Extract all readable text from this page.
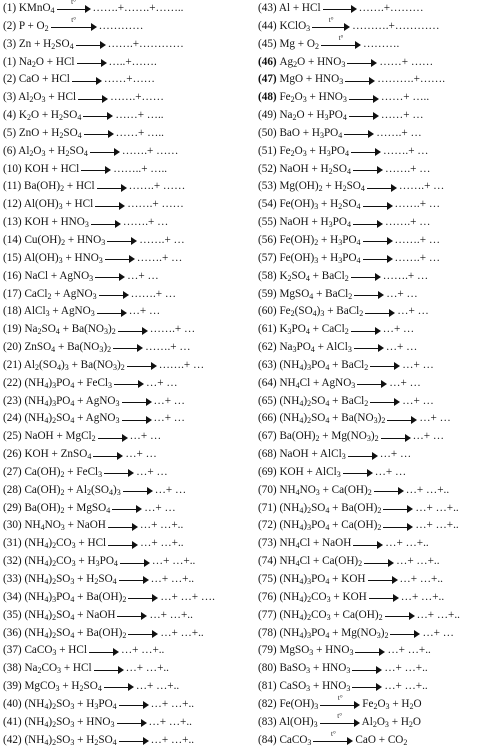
(1) KMnO$_4$
t°	…….+…….+……..
(2) $P + O_2$
t°	…………
(3) $Zn + H_2SO_4$	…….+…………
(1) $Na_2O$ + HCl	…..+…….
(2) CaO + HCl	……+……
(3) $Al_2O_3$ + HCl	…….+……
(4) $K_2O + H_2SO_4$	……+ …..
(5) ZnO + $H_2SO_4$	……+ …..
(6) $Al_2O_3 + H_2SO_4$	…….+ ……
(10) KOH + HCl	……..+ …..
(11) $Ba(OH)_2$ + HCl	…….+ ……
(12) $Al(OH)_3$ + HCl	…….+ ……
(13) KOH + $HNO_3$	…….+ …
(14) $Cu(OH)_2 + HNO_3$	…….+ …
(15) $Al(OH)_3 + HNO_3$	…….+ …
(16) NaCl + AgNO$_3$	…+ …
(17) CaCl$_2$ + AgNO$_3$	…….+ …
(18) AlCl$_3$ + AgNO$_3$	…+ …
(19) $Na_2SO_4 + Ba(NO_3)_2$	…….+ …
(20) ZnSO$_4$ + $Ba(NO_3)_2$	…….+ …
(21) $Al_2(SO_4)_3 + Ba(NO_3)_2$	…….+ …
(22) $(NH_4)_3PO_4$ + FeCl$_3$	…+ …
(23) $(NH_4)_3PO_4$ + AgNO$_3$	…+ …
(24) $(NH_4)_2SO_4$ + AgNO$_3$	…+ …
(25) NaOH + MgCl$_2$	…+ …
(26) KOH + ZnSO$_4$	…+ …
(27) $Ca(OH)_2$ + FeCl$_3$	…+ …
(28) $Ca(OH)_2 + Al_2(SO_4)_3$	…+ …
(29) $Ba(OH)_2$ + MgSO$_4$	…+ …
(30) $NH_4NO_3$ + NaOH	…+ …+..
(31) $(NH_4)_2CO_3$ + HCl	…+ …+..
(32) $(NH_4)_2CO_3 + H_3PO_4$	…+ …+..
(33) $(NH_4)_2SO_3 + H_2SO_4$	…+ …+..
(34) $(NH_4)_3PO_4 + Ba(OH)_2$	…+ …+ ….
(35) $(NH_4)_2SO_4$ + NaOH	…+ …+..
(36) $(NH_4)_2SO_4 + Ba(OH)_2$	…+ …+..
(37) CaCO$_3$ + HCl	…+ …+..
(38) $Na_2CO_3$ + HCl	…+ …+..
(39) MgCO$_3$ + $H_2SO_4$	…+ …+..
(40) $(NH_4)_2SO_3 + H_3PO_4$	…+ …+..
(41) $(NH_4)_2SO_3 + HNO_3$	…+ …+..
(42) $(NH_4)_2SO_3 + H_2SO_4$	…+ …+..
(43) Al + HCl	…….+………
(44) KClO$_3$
t°	……….+…………
(45) $Mg + O_2$
t°	……….
(46) $Ag_2O + HNO_3$	……+ ……
(47) MgO + $HNO_3$	……….+…….
(48) $Fe_2O_3 + HNO_3$	……+ …..
(49) $Na_2O + H_3PO_4$	……+ …
(50) BaO + $H_3PO_4$	…….+ …
(51) $Fe_2O_3 + H_3PO_4$	…….+ …
(52) NaOH + $H_2SO_4$	…….+ …
(53) $Mg(OH)_2 + H_2SO_4$	…….+ …
(54) $Fe(OH)_3 + H_2SO_4$	…….+ …
(55) NaOH + $H_3PO_4$	…….+ …
(56) $Fe(OH)_2 + H_3PO_4$	…….+ …
(57) $Fe(OH)_3 + H_3PO_4$	…….+ …
(58) $K_2SO_4$ + BaCl$_2$	…….+ …
(59) MgSO$_4$ + BaCl$_2$	…+ …
(60) $Fe_2(SO_4)_3$ + BaCl$_2$	…+ …
(61) $K_3PO_4$ + CaCl$_2$	…+ …
(62) $Na_3PO_4$ + AlCl$_3$	…+ …
(63) $(NH_4)_3PO_4$ + BaCl$_2$	…+ …
(64) $NH_4Cl$ + AgNO$_3$	…+ …
(65) $(NH_4)_2SO_4$ + BaCl$_2$	…+ …
(66) $(NH_4)_2SO_4 + Ba(NO_3)_2$	…+ …
(67) $Ba(OH)_2 + Mg(NO_3)_2$	…+ …
(68) NaOH + AlCl$_3$	…+ …
(69) KOH + AlCl$_3$	…+ …
(70) $NH_4NO_3 + Ca(OH)_2$	…+ …+..
(71) $(NH_4)_2SO_4 + Ba(OH)_2$	…+ …+..
(72) $(NH_4)_3PO_4 + Ca(OH)_2$	…+ …+..
(73) $NH_4Cl$ + NaOH	…+ …+..
(74) $NH_4Cl + Ca(OH)_2$	…+ …+..
(75) $(NH_4)_3PO_4$ + KOH	…+ …+..
(76) $(NH_4)_2CO_3$ + KOH	…+ …+..
(77) $(NH_4)_2CO_3 + Ca(OH)_2$	…+ …+..
(78) $(NH_4)_3PO_4 + Mg(NO_3)_2$	…+ …
(79) MgSO$_3$ + $HNO_3$	…+ …+..
(80) BaSO$_3$ + $HNO_3$	…+ …+..
(81) CaSO$_3$ + $HNO_3$	…+ …+..
(82) $Fe(OH)_3$
t°	$Fe_2O_3 + H_2O$
(83) $Al(OH)_3$
t°	$Al_2O_3 + H_2O$
(84) CaCO$_3$
t°	CaO + $CO_2$
